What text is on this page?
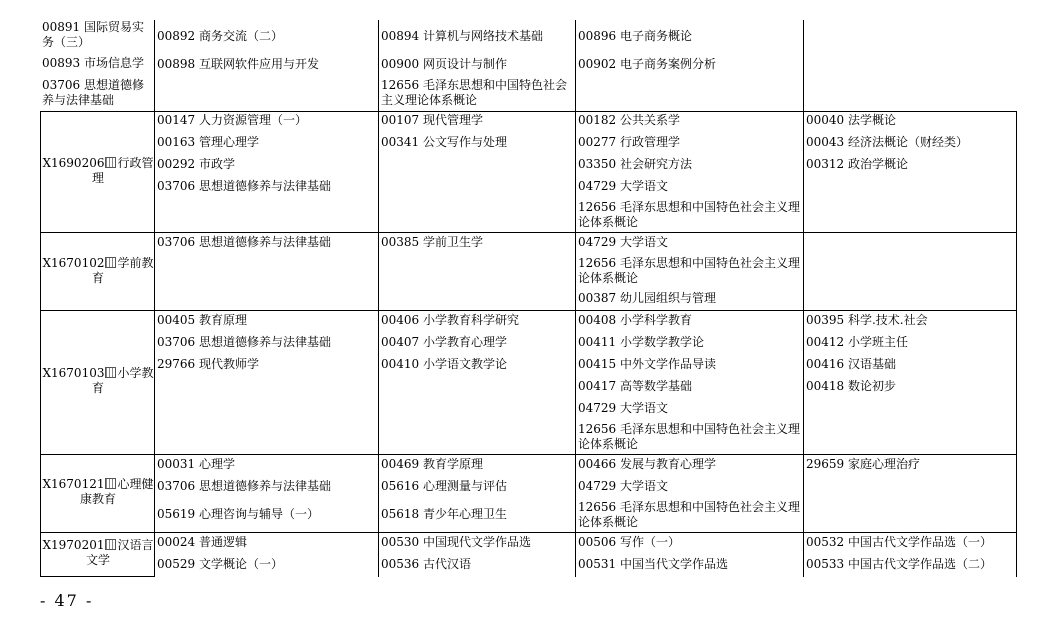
00891 国际贸易实务（三）
00893 市场信息学
03706 思想道德修养与法律基础
00892 商务交流（二）
00898 互联网软件应用与开发
00894 计算机与网络技术基础
00900 网页设计与制作
12656 毛泽东思想和中国特色社会主义理论体系概论
00896 电子商务概论
00902 电子商务案例分析
X1690206 行政管理
00147 人力资源管理（一）
00163 管理心理学
00292 市政学
03706 思想道德修养与法律基础
00107 现代管理学
00341 公文写作与处理
00182 公共关系学
00277 行政管理学
03350 社会研究方法
04729 大学语文
12656 毛泽东思想和中国特色社会主义理论体系概论
00040 法学概论
00043 经济法概论（财经类）
00312 政治学概论
X1670102 学前教育
03706 思想道德修养与法律基础	00385 学前卫生学	04729 大学语文
12656 毛泽东思想和中国特色社会主义理论体系概论
00387 幼儿园组织与管理
X1670103 小学教育
00405 教育原理
03706 思想道德修养与法律基础
29766 现代教师学
00406 小学教育科学研究
00407 小学教育心理学
00410 小学语文教学论
00408 小学科学教育
00411 小学数学教学论
00415 中外文学作品导读
00417 高等数学基础
04729 大学语文
12656 毛泽东思想和中国特色社会主义理论体系概论
00395 科学.技术.社会
00412 小学班主任
00416 汉语基础
00418 数论初步
X1670121 心理健康教育
00031 心理学
03706 思想道德修养与法律基础
05619 心理咨询与辅导（一）
00469 教育学原理
05616 心理测量与评估
05618 青少年心理卫生
00466 发展与教育心理学
04729 大学语文
12656 毛泽东思想和中国特色社会主义理论体系概论
29659 家庭心理治疗
X1970201 汉语言文学
00024 普通逻辑
00529 文学概论（一）
00530 中国现代文学作品选
00536 古代汉语
00506 写作（一）
00531 中国当代文学作品选
00532 中国古代文学作品选（一）
00533 中国古代文学作品选（二）
- 47 -
